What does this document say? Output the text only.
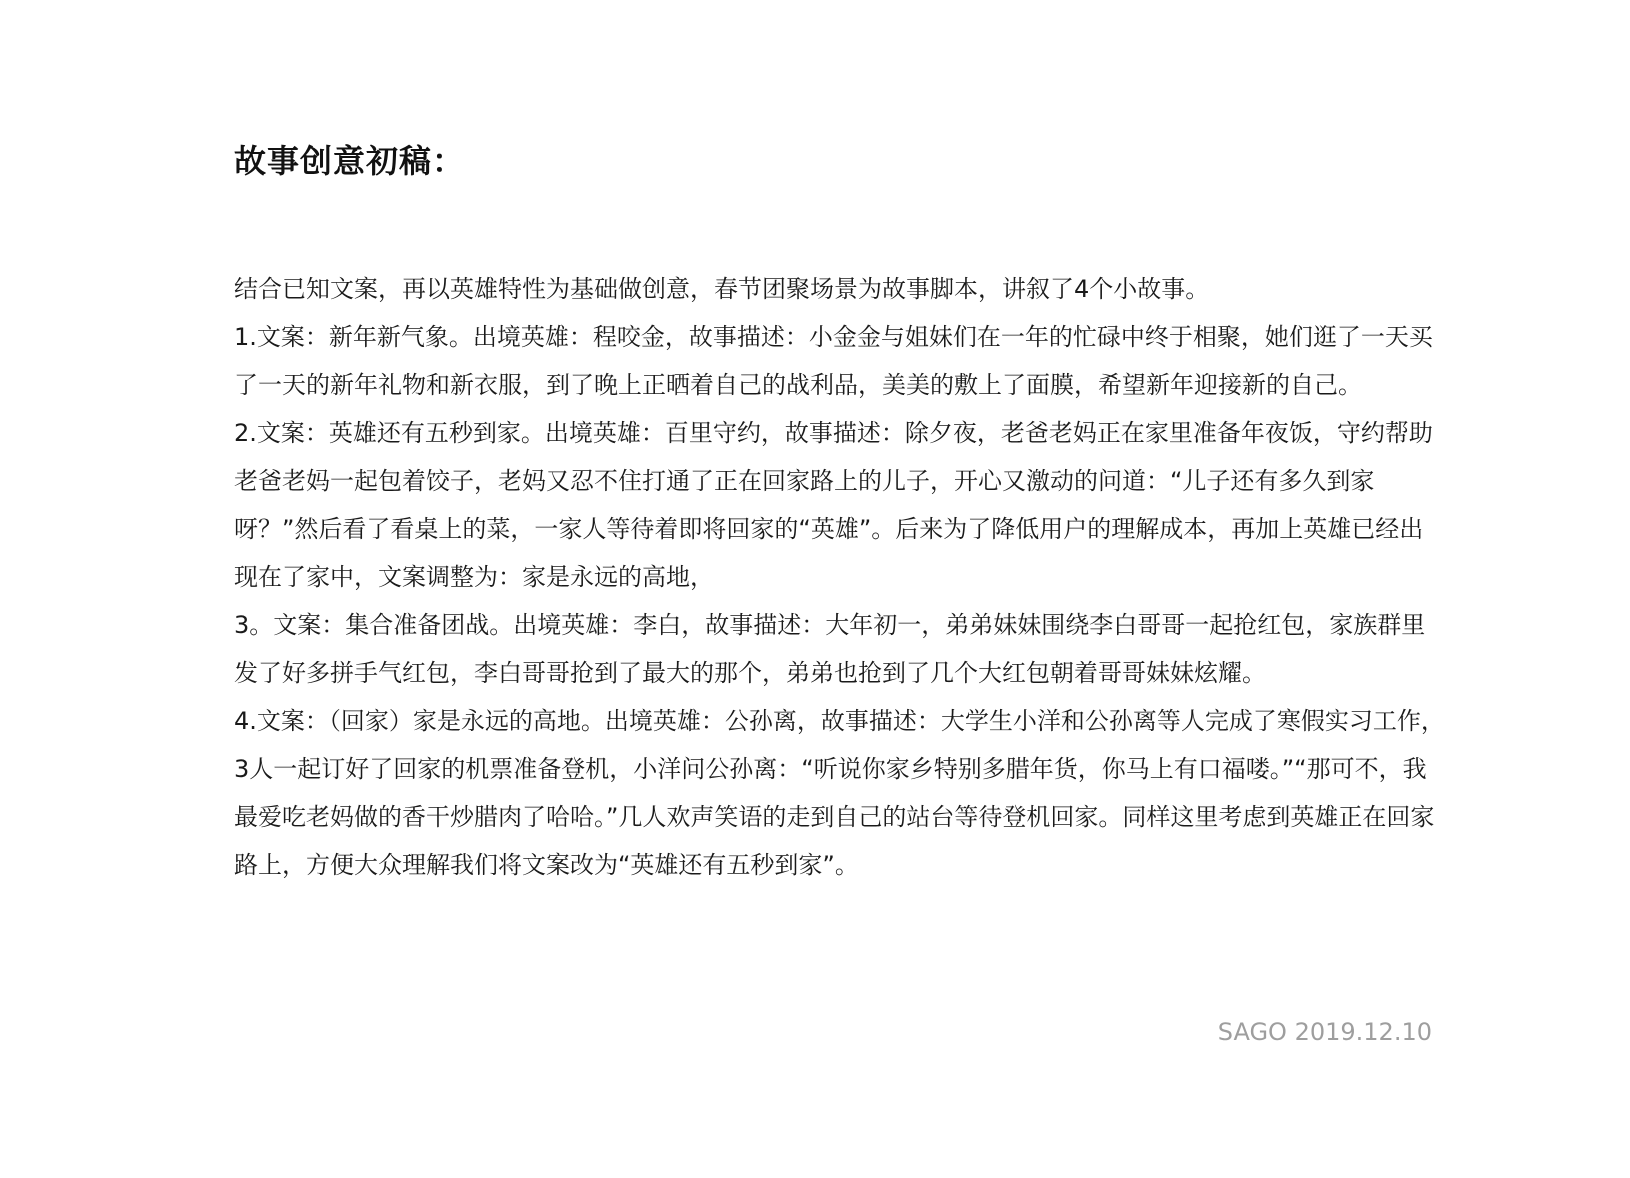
故事创意初稿：

结合已知文案，再以英雄特性为基础做创意，春节团聚场景为故事脚本，讲叙了4个小故事。

1.文案：新年新气象。出境英雄：程咬金，故事描述：小金金与姐妹们在一年的忙碌中终于相聚，她们逛了一天买了一天的新年礼物和新衣服，到了晚上正晒着自己的战利品，美美的敷上了面膜，希望新年迎接新的自己。

2.文案：英雄还有五秒到家。出境英雄：百里守约，故事描述：除夕夜，老爸老妈正在家里准备年夜饭，守约帮助老爸老妈一起包着饺子，老妈又忍不住打通了正在回家路上的儿子，开心又激动的问道：“儿子还有多久到家呀？”然后看了看桌上的菜，一家人等待着即将回家的“英雄”。后来为了降低用户的理解成本，再加上英雄已经出现在了家中，文案调整为：家是永远的高地，

3。文案：集合准备团战。出境英雄：李白，故事描述：大年初一，弟弟妹妹围绕李白哥哥一起抢红包，家族群里发了好多拼手气红包，李白哥哥抢到了最大的那个，弟弟也抢到了几个大红包朝着哥哥妹妹炫耀。

4.文案：（回家）家是永远的高地。出境英雄：公孙离，故事描述：大学生小洋和公孙离等人完成了寒假实习工作，3人一起订好了回家的机票准备登机，小洋问公孙离：“听说你家乡特别多腊年货，你马上有口福喽。”“那可不，我最爱吃老妈做的香干炒腊肉了哈哈。”几人欢声笑语的走到自己的站台等待登机回家。同样这里考虑到英雄正在回家路上，方便大众理解我们将文案改为“英雄还有五秒到家”。

SAGO 2019.12.10
